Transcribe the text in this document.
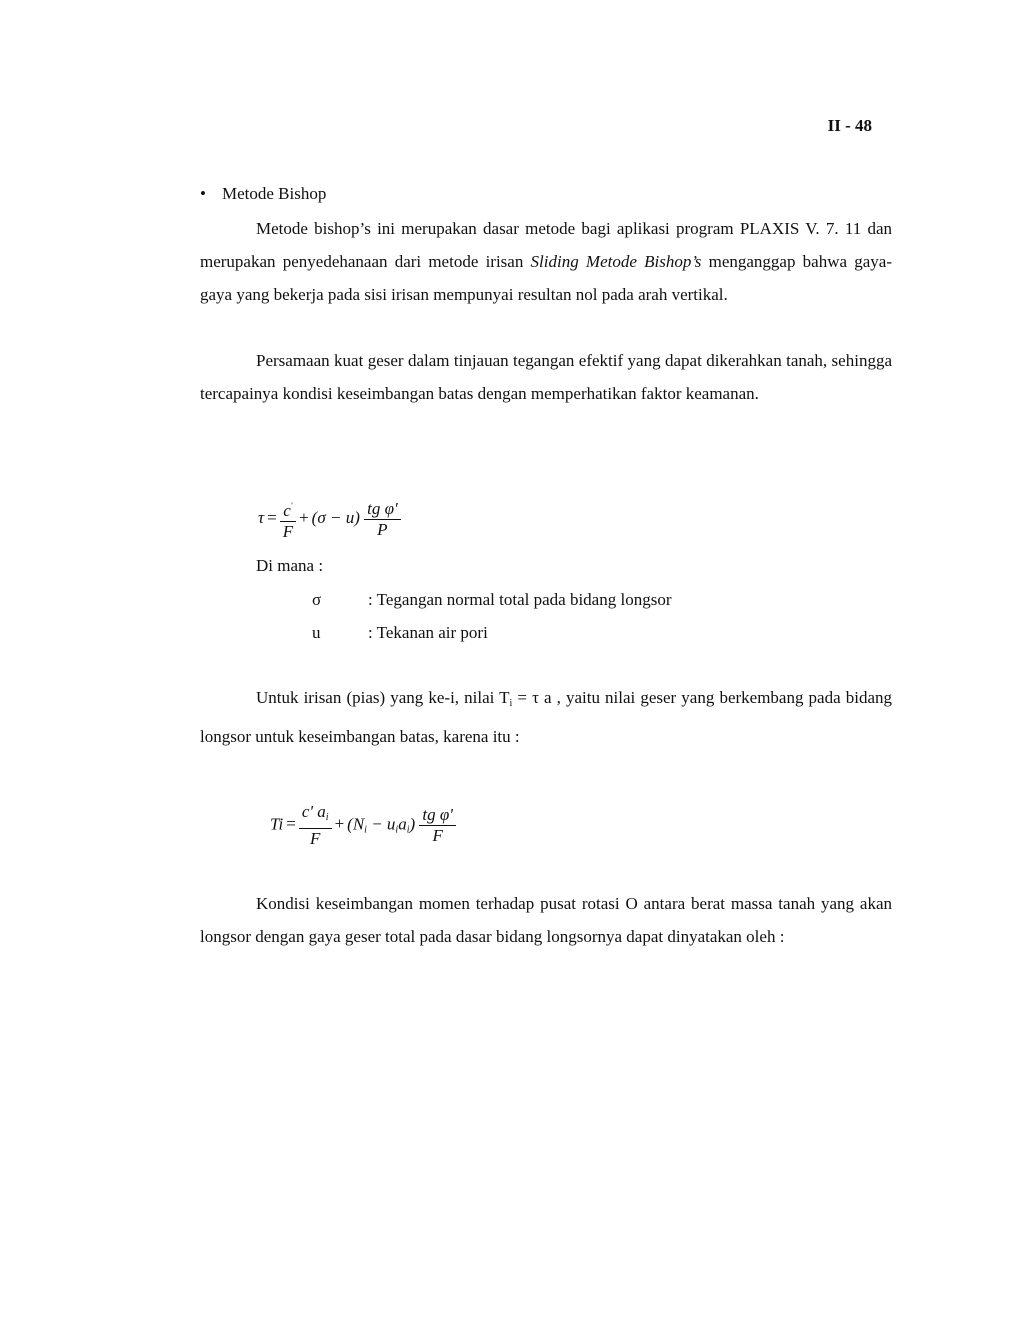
II - 48
• Metode Bishop
Metode bishop’s ini merupakan dasar metode bagi aplikasi program PLAXIS V. 7. 11 dan merupakan penyedehanaan dari metode irisan Sliding Metode Bishop’s menganggap bahwa gaya-gaya yang bekerja pada sisi irisan mempunyai resultan nol pada arah vertikal.
Persamaan kuat geser dalam tinjauan tegangan efektif yang dapat dikerahkan tanah, sehingga tercapainya kondisi keseimbangan batas dengan memperhatikan faktor keamanan.
$\tau = \frac{c'}{F} + (\sigma - u) \frac{\text{tg φ'}}{P}$
Di mana :
σ	: Tegangan normal total pada bidang longsor
u	: Tekanan air pori
Untuk irisan (pias) yang ke-i, nilai $T_i = \tau$ a , yaitu nilai geser yang berkembang pada bidang longsor untuk keseimbangan batas, karena itu :
$Ti = \frac{c' a_i}{F} + (N_i - u_ia_i) \frac{\text{tg φ'}}{F}$
Kondisi keseimbangan momen terhadap pusat rotasi O antara berat massa tanah yang akan longsor dengan gaya geser total pada dasar bidang longsornya dapat dinyatakan oleh :
